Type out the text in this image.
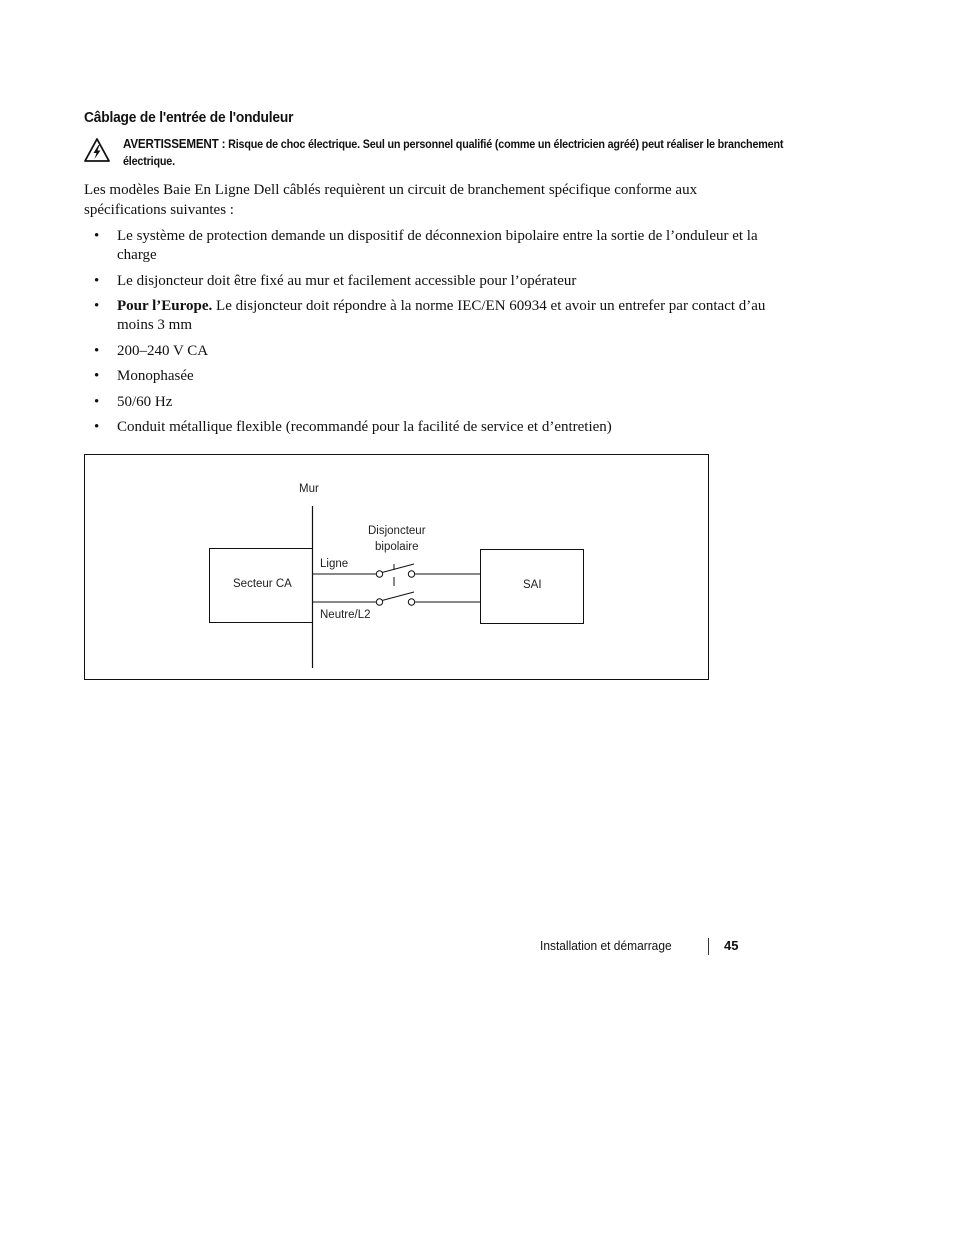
Câblage de l'entrée de l'onduleur
AVERTISSEMENT : Risque de choc électrique. Seul un personnel qualifié (comme un électricien agréé) peut réaliser le branchement électrique.
Les modèles Baie En Ligne Dell câblés requièrent un circuit de branchement spécifique conforme aux spécifications suivantes :
• Le système de protection demande un dispositif de déconnexion bipolaire entre la sortie de l’onduleur et la charge
• Le disjoncteur doit être fixé au mur et facilement accessible pour l’opérateur
• Pour l’Europe. Le disjoncteur doit répondre à la norme IEC/EN 60934 et avoir un entrefer par contact d’au moins 3 mm
• 200–240 V CA
• Monophasée
• 50/60 Hz
• Conduit métallique flexible (recommandé pour la facilité de service et d’entretien)
Mur
Secteur CA
Ligne
Neutre/L2
Disjoncteur
bipolaire
SAI
Installation et démarrage	45
